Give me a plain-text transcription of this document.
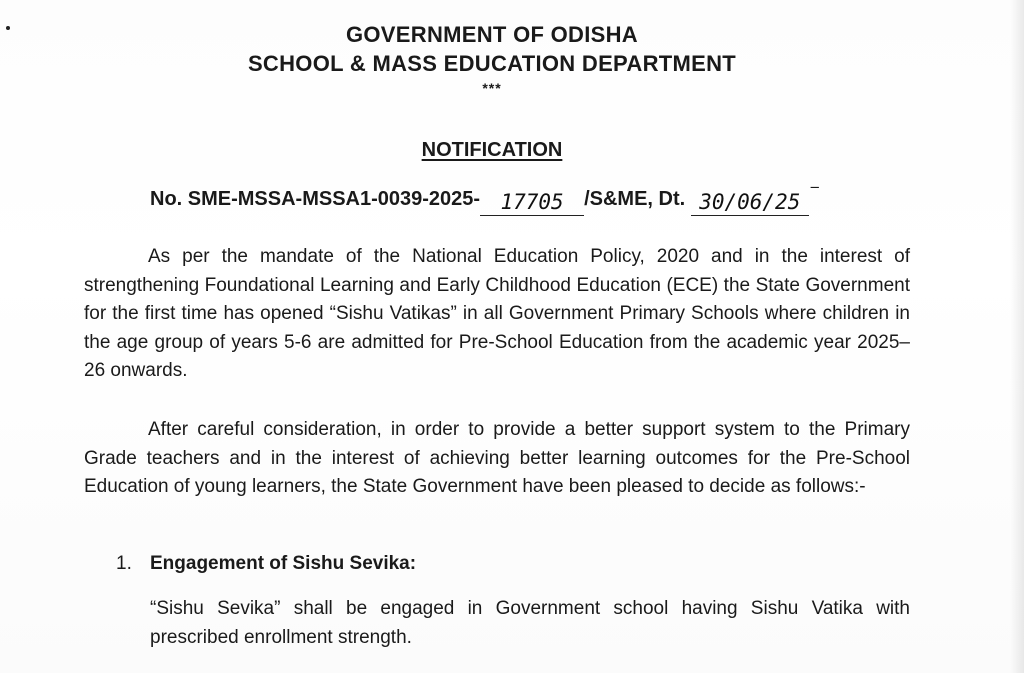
GOVERNMENT OF ODISHA
SCHOOL & MASS EDUCATION DEPARTMENT
***
NOTIFICATION
No. SME-MSSA-MSSA1-0039-2025- 17705 /S&ME, Dt. 30/06/25 ‾
As per the mandate of the National Education Policy, 2020 and in the interest of strengthening Foundational Learning and Early Childhood Education (ECE) the State Government for the first time has opened “Sishu Vatikas” in all Government Primary Schools where children in the age group of years 5-6 are admitted for Pre-School Education from the academic year 2025–26 onwards.
After careful consideration, in order to provide a better support system to the Primary Grade teachers and in the interest of achieving better learning outcomes for the Pre-School Education of young learners, the State Government have been pleased to decide as follows:-
1. Engagement of Sishu Sevika:
“Sishu Sevika” shall be engaged in Government school having Sishu Vatika with prescribed enrollment strength.
